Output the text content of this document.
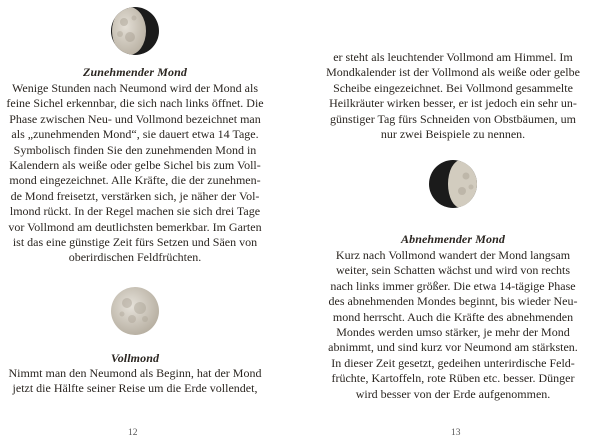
Zunehmender Mond
Wenige Stunden nach Neumond wird der Mond als
feine Sichel erkennbar, die sich nach links öffnet. Die
Phase zwischen Neu- und Vollmond bezeichnet man
als „zunehmenden Mond“, sie dauert etwa 14 Tage.
Symbolisch finden Sie den zunehmenden Mond in
Kalendern als weiße oder gelbe Sichel bis zum Voll-
mond eingezeichnet. Alle Kräfte, die der zunehmen-
de Mond freisetzt, verstärken sich, je näher der Vol-
lmond rückt. In der Regel machen sie sich drei Tage
vor Vollmond am deutlichsten bemerkbar. Im Garten
ist das eine günstige Zeit fürs Setzen und Säen von
oberirdischen Feldfrüchten.
Vollmond
Nimmt man den Neumond als Beginn, hat der Mond
jetzt die Hälfte seiner Reise um die Erde vollendet,
12
er steht als leuchtender Vollmond am Himmel. Im
Mondkalender ist der Vollmond als weiße oder gelbe
Scheibe eingezeichnet. Bei Vollmond gesammelte
Heilkräuter wirken besser, er ist jedoch ein sehr un-
günstiger Tag fürs Schneiden von Obstbäumen, um
nur zwei Beispiele zu nennen.
Abnehmender Mond
Kurz nach Vollmond wandert der Mond langsam
weiter, sein Schatten wächst und wird von rechts
nach links immer größer. Die etwa 14-tägige Phase
des abnehmenden Mondes beginnt, bis wieder Neu-
mond herrscht. Auch die Kräfte des abnehmenden
Mondes werden umso stärker, je mehr der Mond
abnimmt, und sind kurz vor Neumond am stärksten.
In dieser Zeit gesetzt, gedeihen unterirdische Feld-
früchte, Kartoffeln, rote Rüben etc. besser. Dünger
wird besser von der Erde aufgenommen.
13
